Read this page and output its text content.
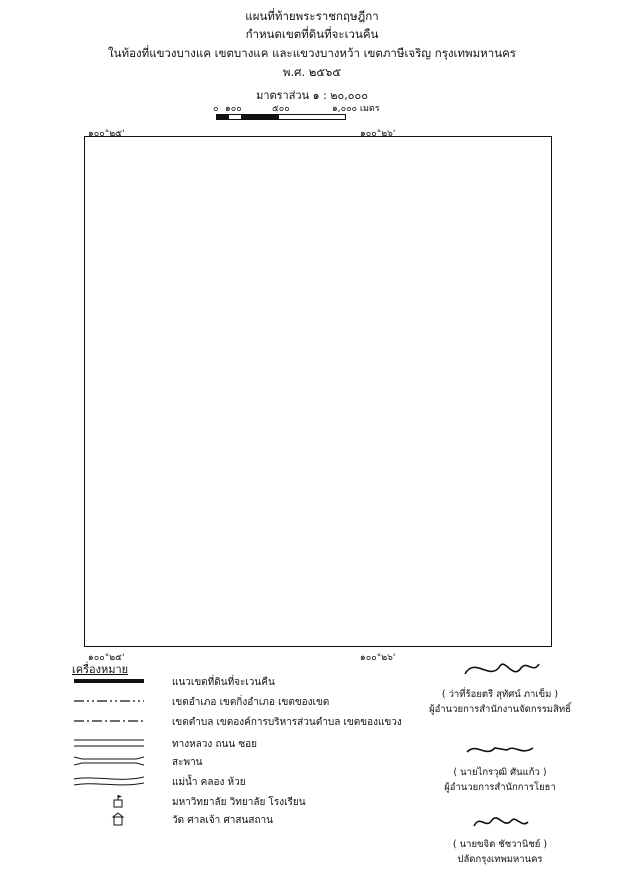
แผนที่ท้ายพระราชกฤษฎีกา
กำหนดเขตที่ดินที่จะเวนคืน
ในท้องที่แขวงบางแค เขตบางแค และแขวงบางหว้า เขตภาษีเจริญ กรุงเทพมหานคร
พ.ศ. ๒๕๖๕
มาตราส่วน ๑ : ๒๐,๐๐๐
๐ ๑๐๐	๕๐๐	๑,๐๐๐ เมตร
๑๐๐°๒๕'	๑๐๐°๒๖'
๑๐๐°๒๕'	๑๐๐°๒๖'
เครื่องหมาย
แนวเขตที่ดินที่จะเวนคืน
เขตอำเภอ เขตกิ่งอำเภอ เขตของเขต
เขตตำบล เขตองค์การบริหารส่วนตำบล เขตของแขวง
ทางหลวง ถนน ซอย
สะพาน
แม่น้ำ คลอง ห้วย
มหาวิทยาลัย วิทยาลัย โรงเรียน
วัด ศาลเจ้า ศาสนสถาน
( ว่าที่ร้อยตรี สุทัศน์ ภาเข็ม )
ผู้อำนวยการสำนักงานจัดกรรมสิทธิ์
( นายไกรวุฒิ ศันแก้ว )
ผู้อำนวยการสำนักการโยธา
( นายขจิต ชัชวานิชย์ )
ปลัดกรุงเทพมหานคร
